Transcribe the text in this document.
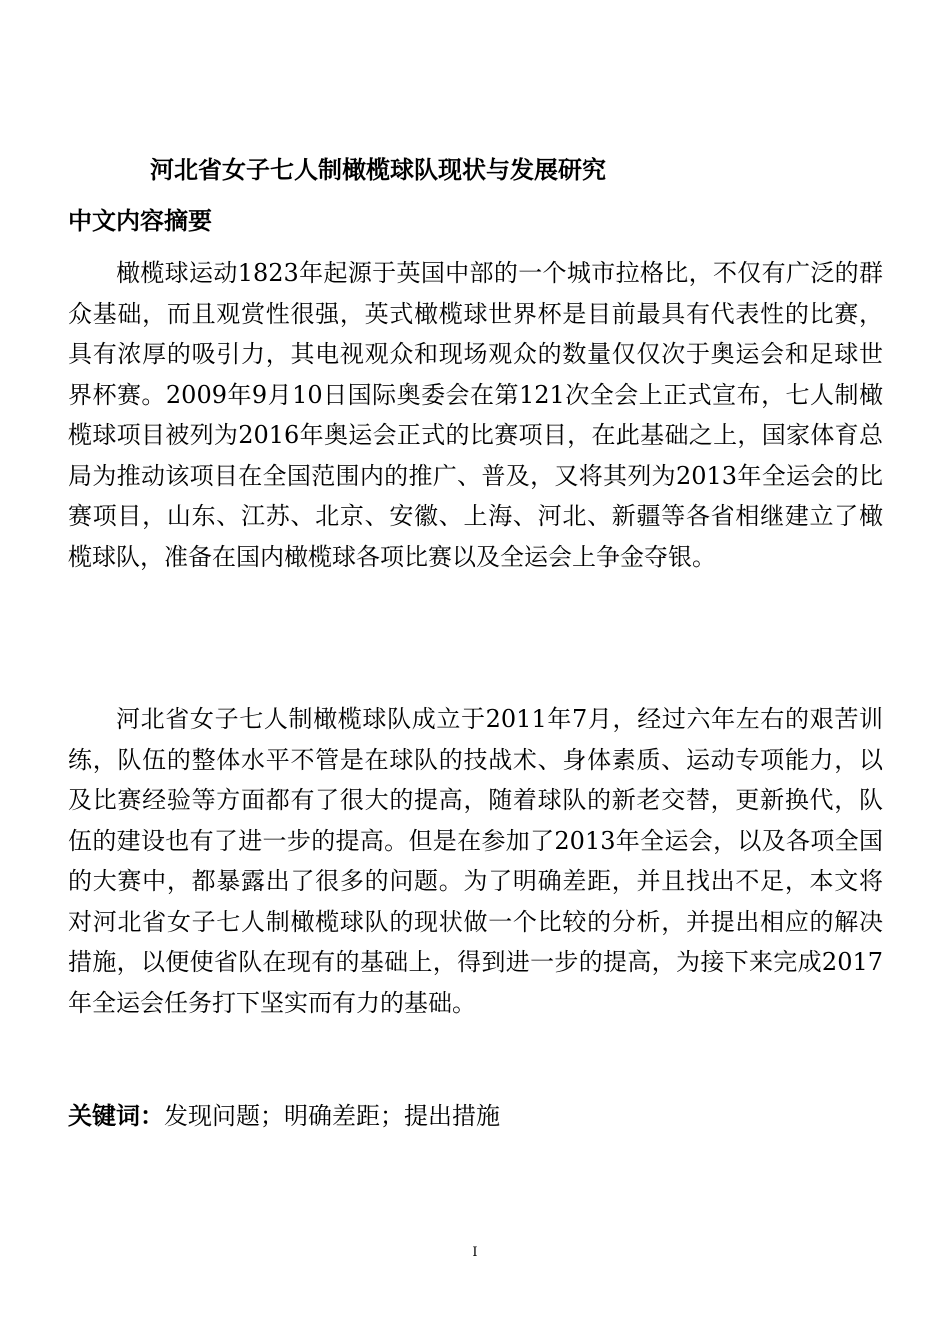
河北省女子七人制橄榄球队现状与发展研究
中文内容摘要

橄榄球运动1823年起源于英国中部的一个城市拉格比，不仅有广泛的群众基础，而且观赏性很强，英式橄榄球世界杯是目前最具有代表性的比赛，具有浓厚的吸引力，其电视观众和现场观众的数量仅仅次于奥运会和足球世界杯赛。2009年9月10日国际奥委会在第121次全会上正式宣布，七人制橄榄球项目被列为2016年奥运会正式的比赛项目，在此基础之上，国家体育总局为推动该项目在全国范围内的推广、普及，又将其列为2013年全运会的比赛项目，山东、江苏、北京、安徽、上海、河北、新疆等各省相继建立了橄榄球队，准备在国内橄榄球各项比赛以及全运会上争金夺银。

河北省女子七人制橄榄球队成立于2011年7月，经过六年左右的艰苦训练，队伍的整体水平不管是在球队的技战术、身体素质、运动专项能力，以及比赛经验等方面都有了很大的提高，随着球队的新老交替，更新换代，队伍的建设也有了进一步的提高。但是在参加了2013年全运会，以及各项全国的大赛中，都暴露出了很多的问题。为了明确差距，并且找出不足，本文将对河北省女子七人制橄榄球队的现状做一个比较的分析，并提出相应的解决措施，以便使省队在现有的基础上，得到进一步的提高，为接下来完成2017年全运会任务打下坚实而有力的基础。

关键词：发现问题；明确差距；提出措施

I
